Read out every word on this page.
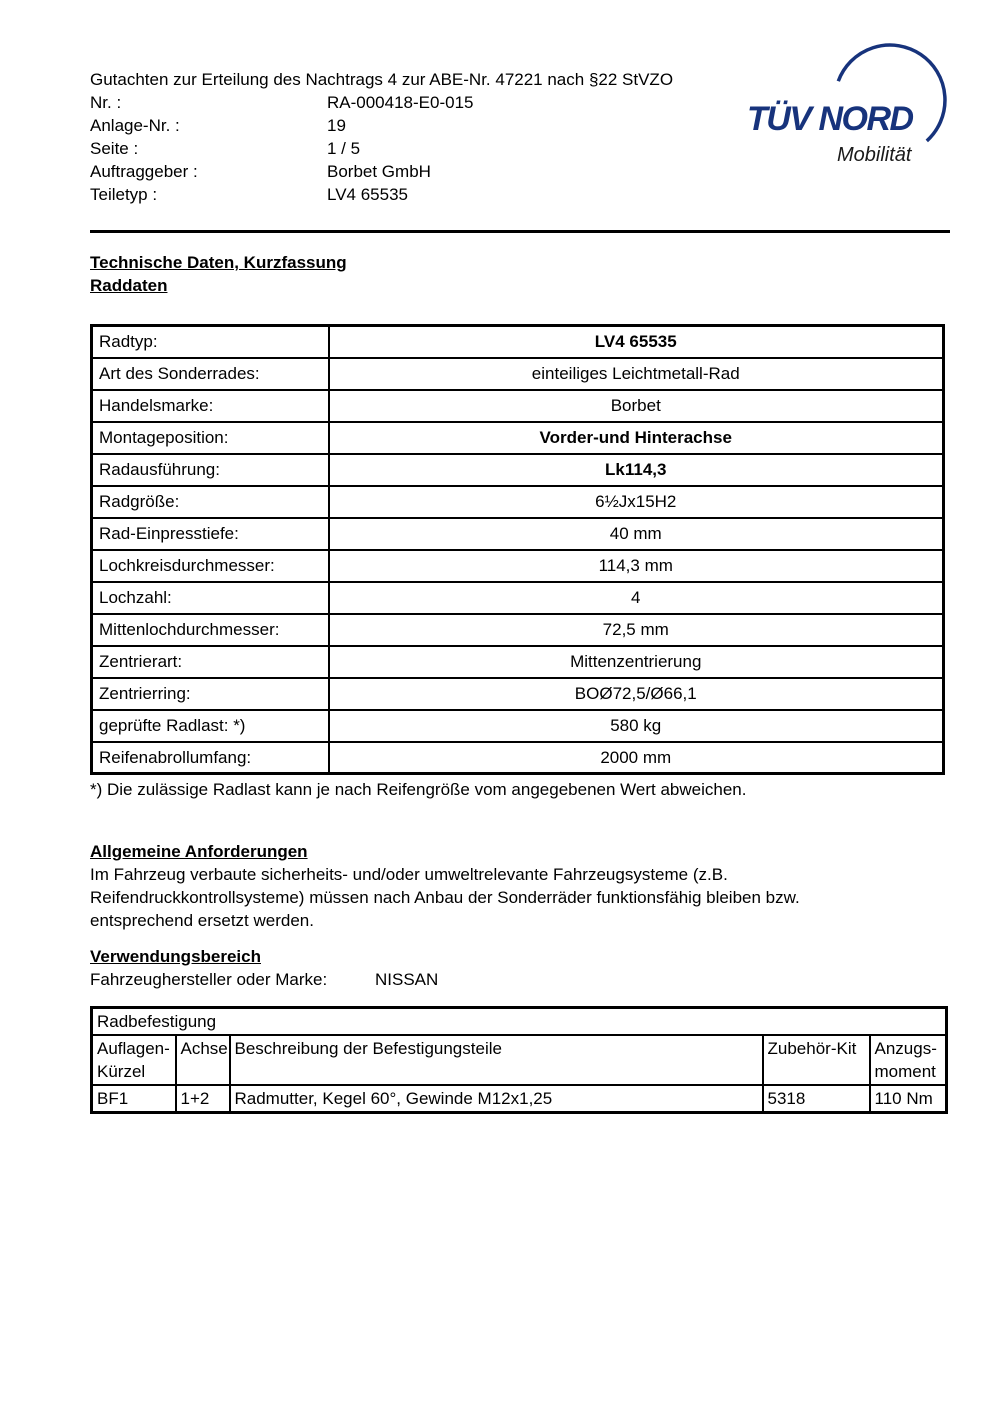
TÜV NORD
Mobilität
Gutachten zur Erteilung des Nachtrags 4 zur ABE-Nr. 47221 nach §22 StVZO
Nr. :	RA-000418-E0-015
Anlage-Nr. :	19
Seite :	1 / 5
Auftraggeber :	Borbet GmbH
Teiletyp :	LV4 65535
Technische Daten, Kurzfassung
Raddaten
Radtyp:	LV4 65535
Art des Sonderrades:	einteiliges Leichtmetall-Rad
Handelsmarke:	Borbet
Montageposition:	Vorder-und Hinterachse
Radausführung:	Lk114,3
Radgröße:	6½Jx15H2
Rad-Einpresstiefe:	40 mm
Lochkreisdurchmesser:	114,3 mm
Lochzahl:	4
Mittenlochdurchmesser:	72,5 mm
Zentrierart:	Mittenzentrierung
Zentrierring:	BOØ72,5/Ø66,1
geprüfte Radlast: *)	580 kg
Reifenabrollumfang:	2000 mm
*) Die zulässige Radlast kann je nach Reifengröße vom angegebenen Wert abweichen.
Allgemeine Anforderungen
Im Fahrzeug verbaute sicherheits- und/oder umweltrelevante Fahrzeugsysteme (z.B.
Reifendruckkontrollsysteme) müssen nach Anbau der Sonderräder funktionsfähig bleiben bzw.
entsprechend ersetzt werden.
Verwendungsbereich
Fahrzeughersteller oder Marke:	NISSAN
Radbefestigung				
Auflagen-Kürzel	Achse	Beschreibung der Befestigungsteile	Zubehör-Kit	Anzugs-moment
BF1	1+2	Radmutter, Kegel 60°, Gewinde M12x1,25	5318	110 Nm
